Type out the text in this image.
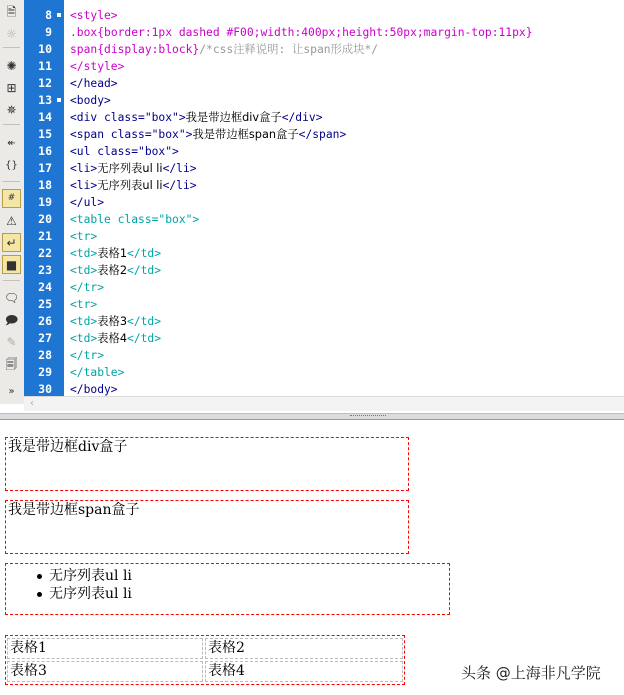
🗎
☼
✺
⊞
✵
↞
{}
#
⚠
↵
■
🗨
🗩
✎
🗐
»
8
9
10
11
12
13
14
15
16
17
18
19
20
21
22
23
24
25
26
27
28
29
30
<style>
.box{border:1px dashed #F00;width:400px;height:50px;margin-top:11px}
span{display:block}/*css注释说明: 让span形成块*/
</style>
</head>
<body>
<div class="box">我是带边框div盒子</div>
<span class="box">我是带边框span盒子</span>
<ul class="box">
<li>无序列表ul li</li>
<li>无序列表ul li</li>
</ul>
<table class="box">
<tr>
<td>表格1</td>
<td>表格2</td>
</tr>
<tr>
<td>表格3</td>
<td>表格4</td>
</tr>
</table>
</body>
‹
我是带边框div盒子
我是带边框span盒子
无序列表ul li
无序列表ul li
表格1	表格2
表格3	表格4	头条 @上海非凡学院
